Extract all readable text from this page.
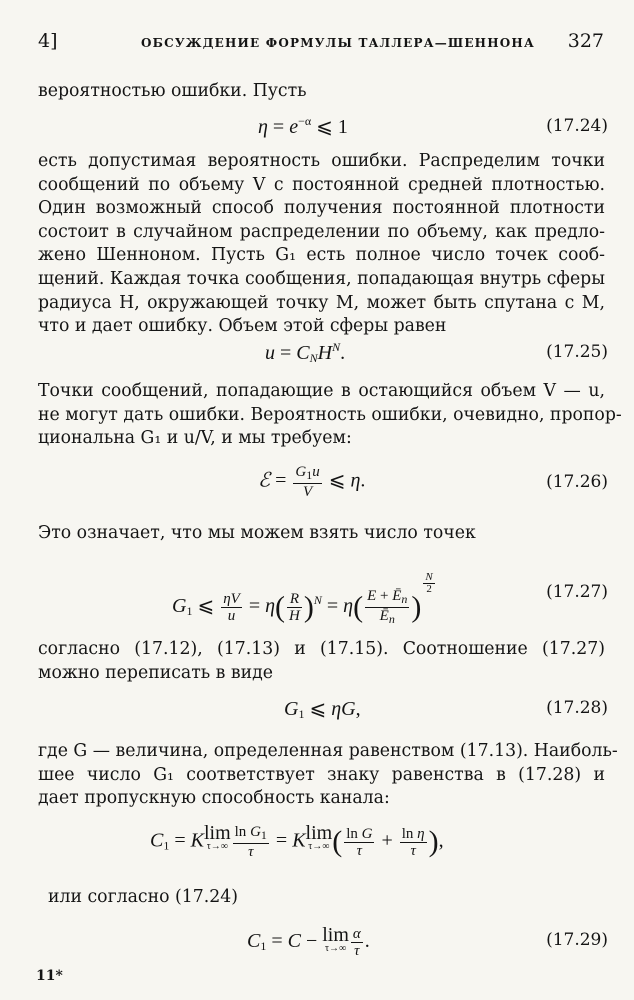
4]	ОБСУЖДЕНИЕ ФОРМУЛЫ ТАЛЛЕРА—ШЕННОНА 327
вероятностью ошибки. Пусть
$\eta = e^{-\alpha}$ ⩽ 1	(17.24)
есть допустимая вероятность ошибки. Распределим точки
сообщений по объему V с постоянной средней плотностью.
Один возможный способ получения постоянной плотности
состоит в случайном распределении по объему, как предло-
жено Шенноном. Пусть G₁ есть полное число точек сооб-
щений. Каждая точка сообщения, попадающая внутрь сферы
радиуса H, окружающей точку M, может быть спутана с M,
что и дает ошибку. Объем этой сферы равен
$u = C_NH^N$.	(17.25)
Точки сообщений, попадающие в остающийся объем V — u,
не могут дать ошибки. Вероятность ошибки, очевидно, пропор-
циональна G₁ и u/V, и мы требуем:
ℰ = $\frac{G_1u}{V}$ ⩽ η.	(17.26)
Это означает, что мы можем взять число точек
$G_1$ ⩽ $\frac{\eta V}{u} = \eta( \frac{R}{H} )^N = \eta( \frac{E + Ē_n}{Ē_n}$ )
$\frac{N}{2}$	(17.27)
согласно (17.12), (17.13) и (17.15). Соотношение (17.27)
можно переписать в виде
$G_1$ ⩽ ηG,	(17.28)
где G — величина, определенная равенством (17.13). Наиболь-
шее число G₁ соответствует знаку равенства в (17.28) и
дает пропускную способность канала:
$C_1 = Klim$
$\tau\to\infty \frac{\ln G_1}{\tau} = Klim$
τ→∞ ( $\frac{\text{ln G}}{\tau} + \frac{\text{ln η}}{\tau}$ ),
или согласно (17.24)
$C_1 = C - \lim$
$\tau\to\infty \frac{\alpha}{\tau}$ .	(17.29)
11*
